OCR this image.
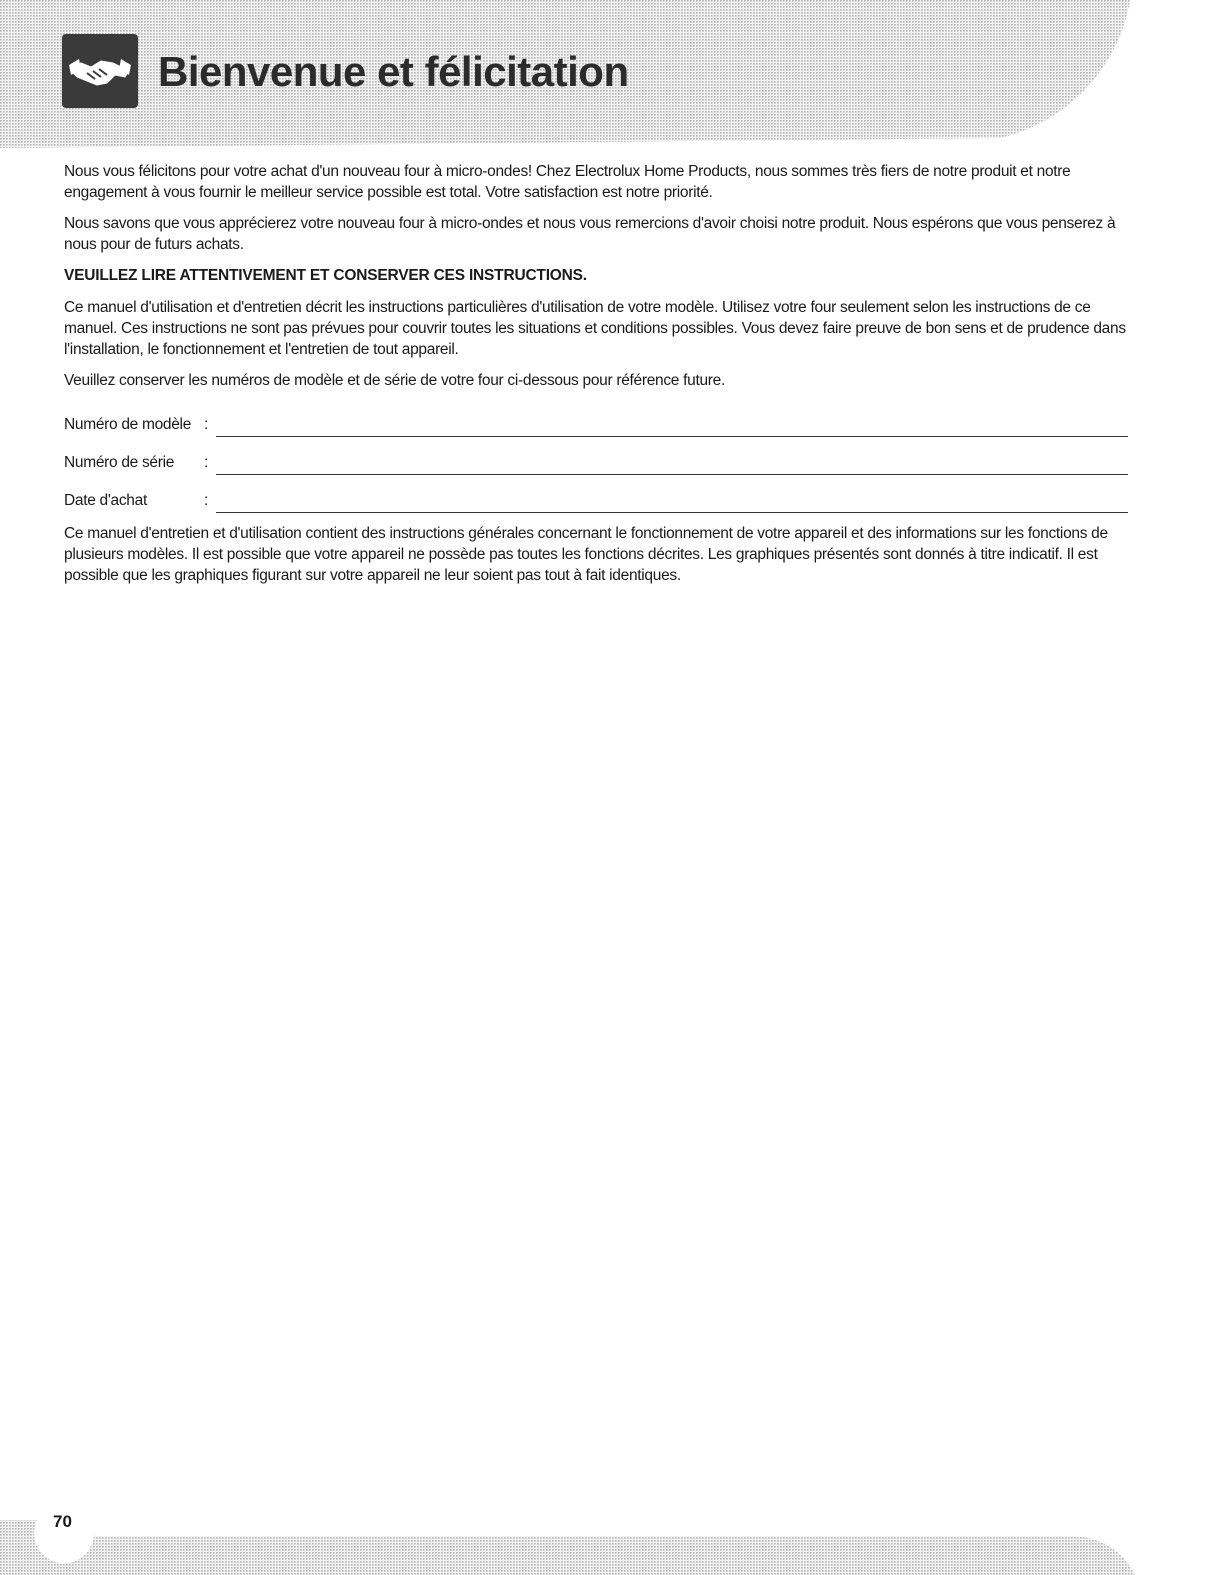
Bienvenue et félicitation

Nous vous félicitons pour votre achat d'un nouveau four à micro-ondes! Chez Electrolux Home Products, nous sommes très fiers de notre produit et notre engagement à vous fournir le meilleur service possible est total. Votre satisfaction est notre priorité.

Nous savons que vous apprécierez votre nouveau four à micro-ondes et nous vous remercions d'avoir choisi notre produit. Nous espérons que vous penserez à nous pour de futurs achats.

VEUILLEZ LIRE ATTENTIVEMENT ET CONSERVER CES INSTRUCTIONS.

Ce manuel d'utilisation et d'entretien décrit les instructions particulières d'utilisation de votre modèle. Utilisez votre four seulement selon les instructions de ce manuel. Ces instructions ne sont pas prévues pour couvrir toutes les situations et conditions possibles. Vous devez faire preuve de bon sens et de prudence dans l'installation, le fonctionnement et l'entretien de tout appareil.

Veuillez conserver les numéros de modèle et de série de votre four ci-dessous pour référence future.

Numéro de modèle :
Numéro de série	:
Date d'achat	:

Ce manuel d'entretien et d'utilisation contient des instructions générales concernant le fonctionnement de votre appareil et des informations sur les fonctions de plusieurs modèles. Il est possible que votre appareil ne possède pas toutes les fonctions décrites. Les graphiques présentés sont donnés à titre indicatif. Il est possible que les graphiques figurant sur votre appareil ne leur soient pas tout à fait identiques.

70
